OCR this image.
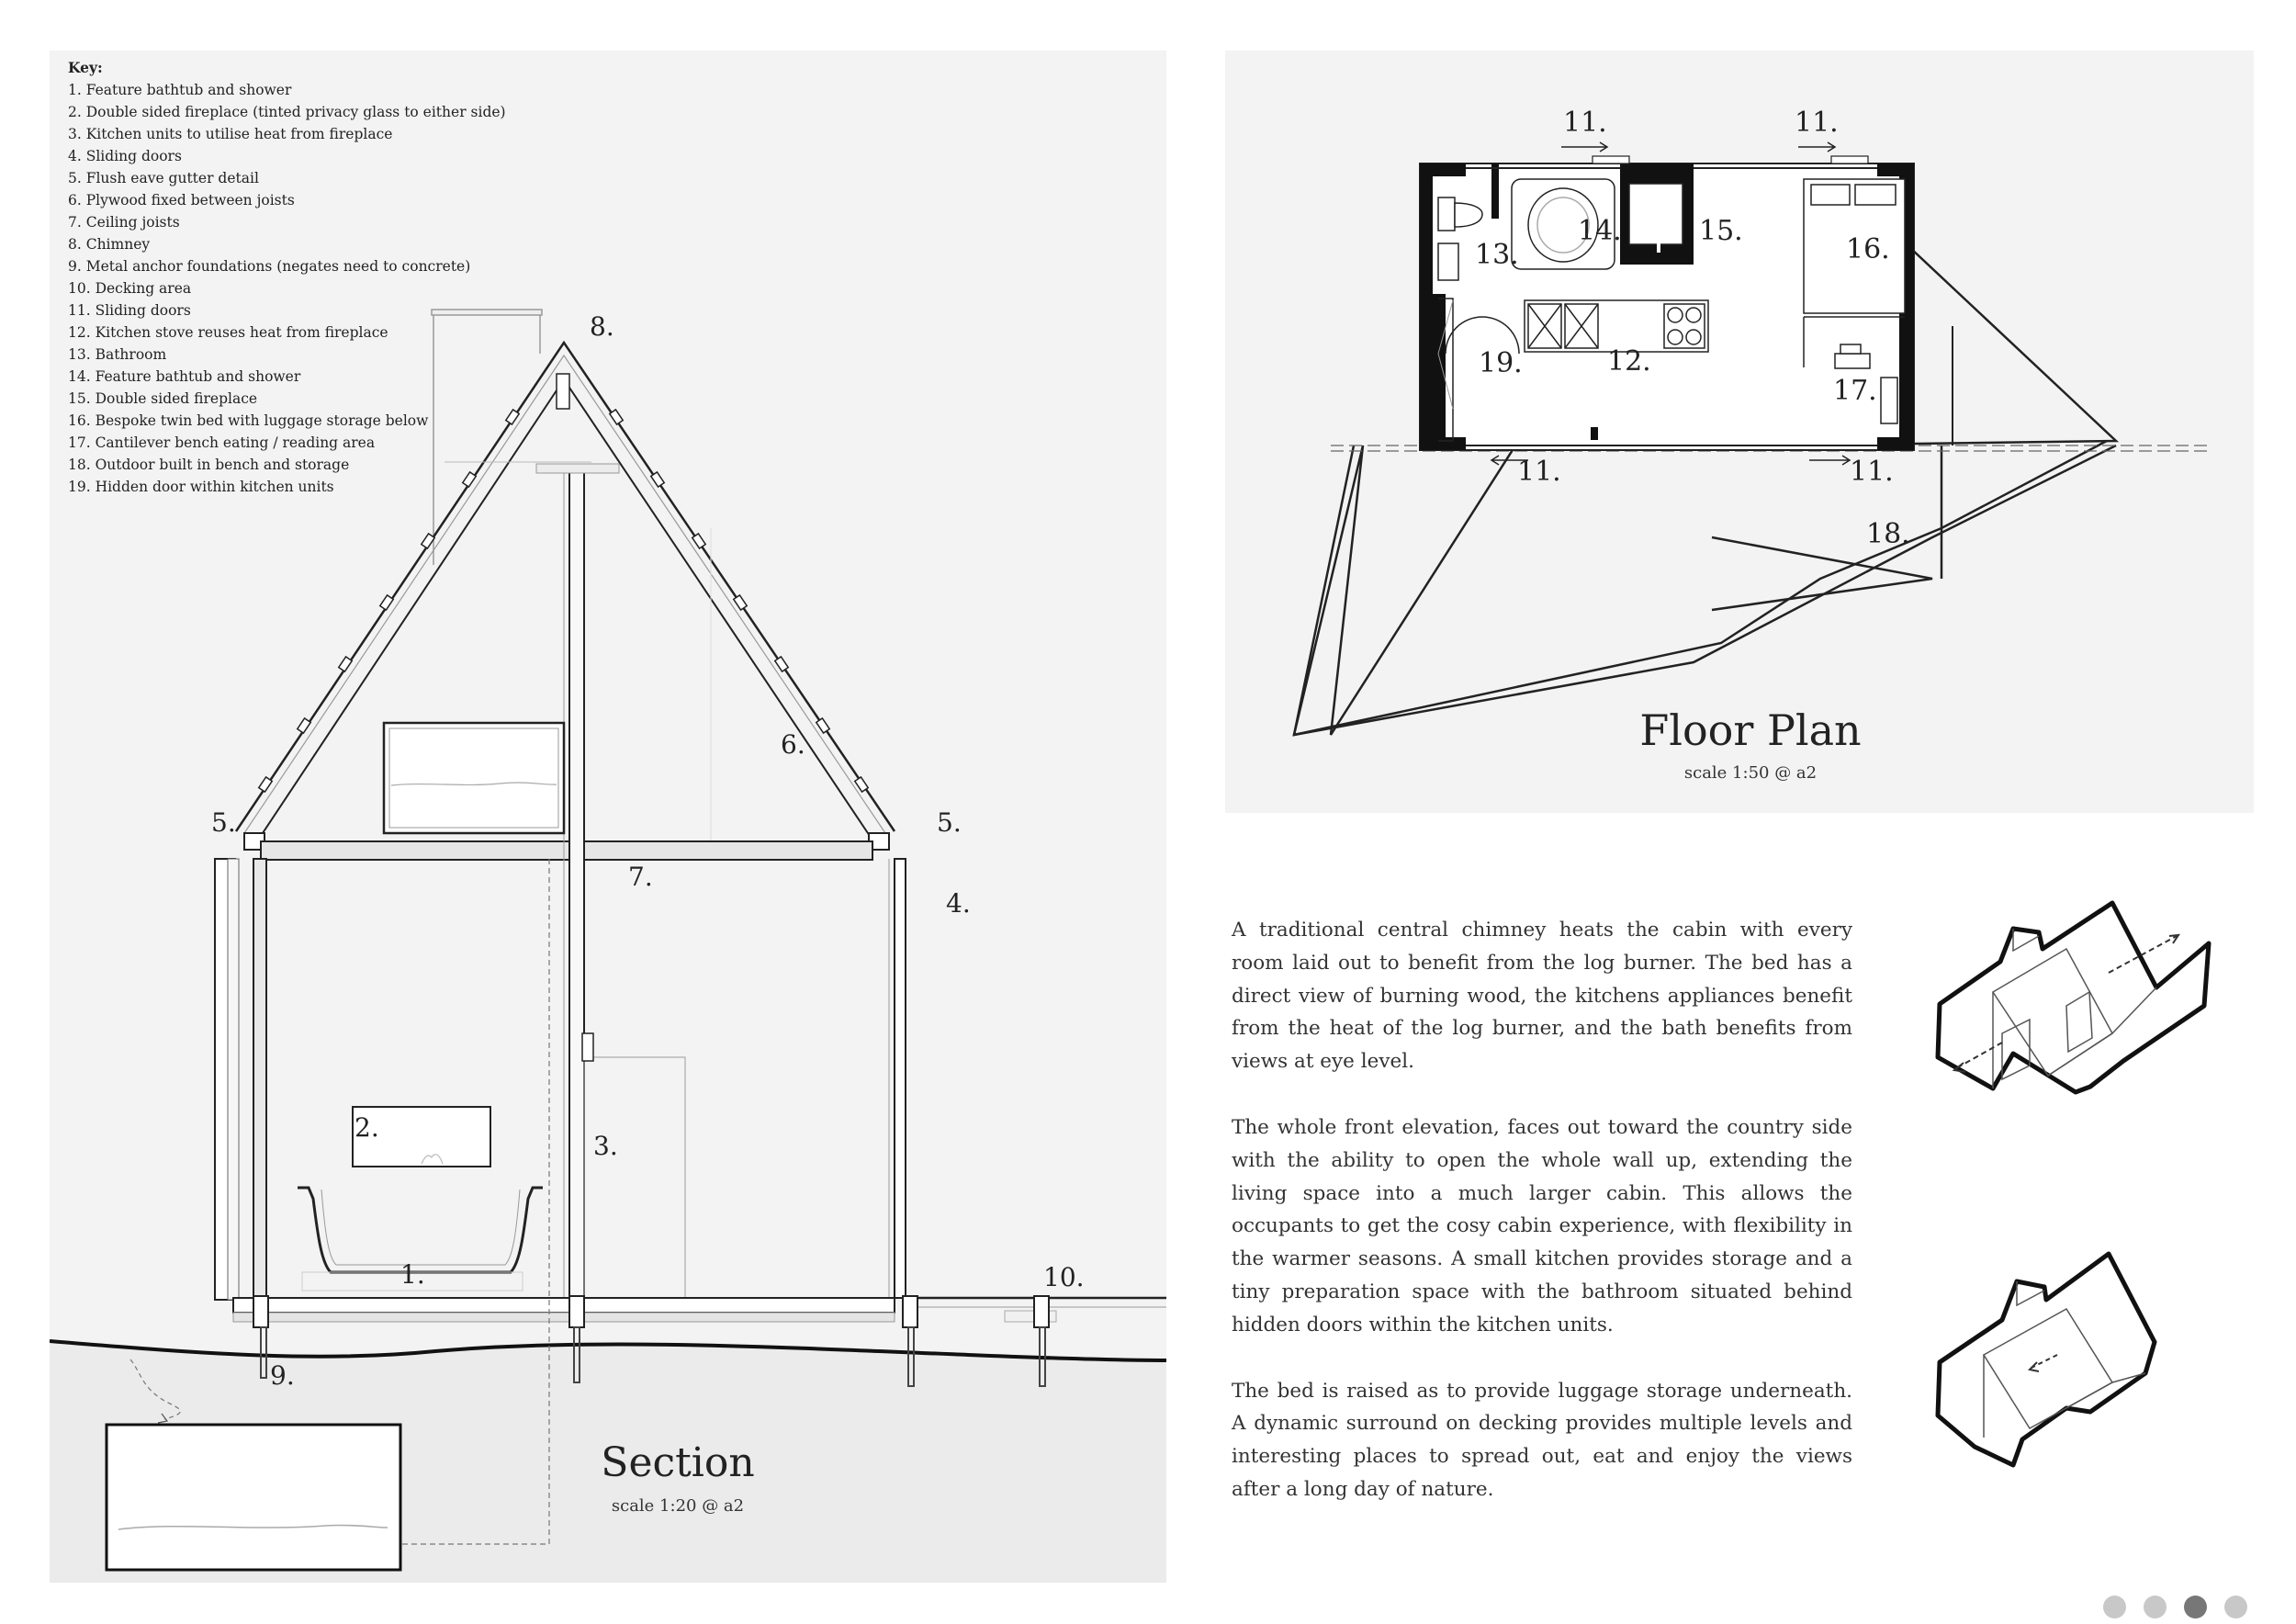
1.
2.
3.
4.
5.	5.
6.
7.
8.
9.
10.
Section
scale 1:20 @ a2
Key:
1. Feature bathtub and shower
2. Double sided fireplace (tinted privacy glass to either side)
3. Kitchen units to utilise heat from fireplace
4. Sliding doors
5. Flush eave gutter detail
6. Plywood fixed between joists
7. Ceiling joists
8. Chimney
9. Metal anchor foundations (negates need to concrete)
10. Decking area
11. Sliding doors
12. Kitchen stove reuses heat from fireplace
13. Bathroom
14. Feature bathtub and shower
15. Double sided fireplace
16. Bespoke twin bed with luggage storage below
17. Cantilever bench eating / reading area
18. Outdoor built in bench and storage
19. Hidden door within kitchen units
11.	11.
11.	11.
12.
13.
14.	15.
16.
17.
18.
19.
Floor Plan
scale 1:50 @ a2

A traditional central chimney heats the cabin with every room laid out to benefit from the log burner. The bed has a direct view of burning wood, the kitchens appliances benefit from the heat of the log burner, and the bath benefits from views at eye level.

The whole front elevation, faces out toward the country side with the ability to open the whole wall up, extending the living space into a much larger cabin. This allows the occupants to get the cosy cabin experience, with flexibility in the warmer seasons. A small kitchen provides storage and a tiny preparation space with the bathroom situated behind hidden doors within the kitchen units.

The bed is raised as to provide luggage storage underneath. A dynamic surround on decking provides multiple levels and interesting places to spread out, eat and enjoy the views after a long day of nature.
